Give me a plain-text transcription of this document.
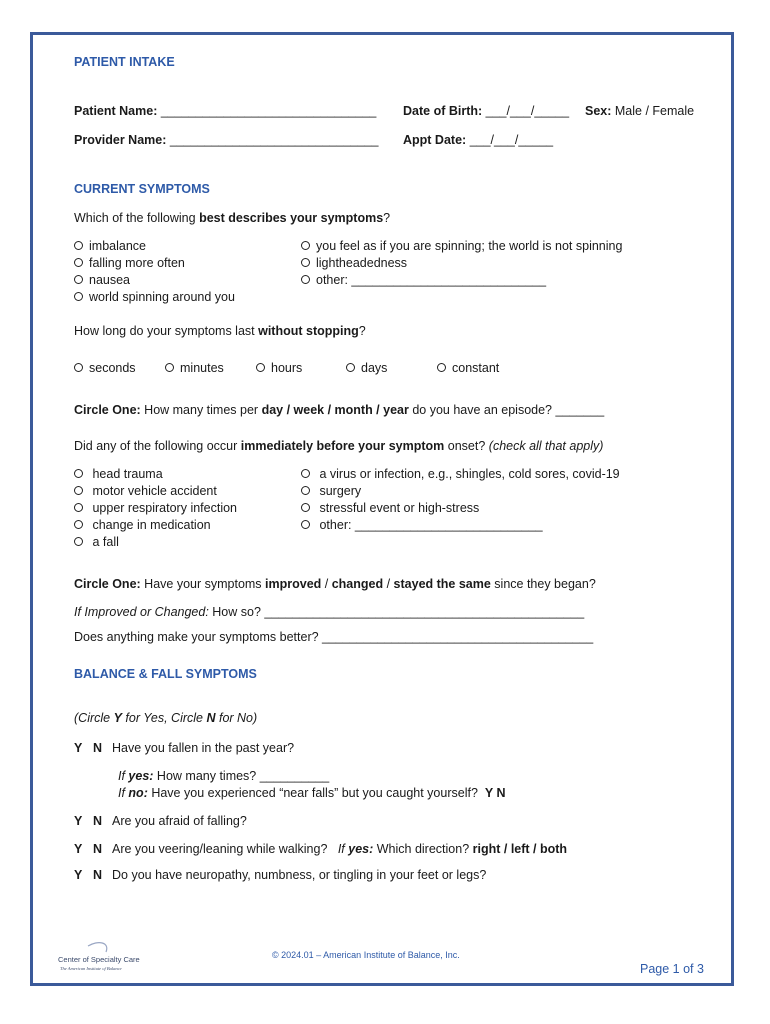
PATIENT INTAKE
Patient Name: _______________________________ Date of Birth: ___/___/_____ Sex: Male / Female
Provider Name: ______________________________ Appt Date: ___/___/_____
CURRENT SYMPTOMS
Which of the following best describes your symptoms?
imbalance
falling more often
nausea
world spinning around you
you feel as if you are spinning; the world is not spinning
lightheadedness
other: ____________________________
How long do your symptoms last without stopping?
seconds	minutes	hours	days	constant
Circle One: How many times per day / week / month / year do you have an episode? _______
Did any of the following occur immediately before your symptom onset? (check all that apply)
head trauma
motor vehicle accident
upper respiratory infection
change in medication
a fall
a virus or infection, e.g., shingles, cold sores, covid-19
surgery
stressful event or high-stress
other: ___________________________
Circle One: Have your symptoms improved / changed / stayed the same since they began?
If Improved or Changed: How so? ______________________________________________
Does anything make your symptoms better? _______________________________________
BALANCE & FALL SYMPTOMS
(Circle Y for Yes, Circle N for No)
Y N Have you fallen in the past year?
If yes: How many times? __________
If no: Have you experienced “near falls” but you caught yourself? Y N
Y N Are you afraid of falling?
Y N Are you veering/leaning while walking? If yes: Which direction? right / left / both
Y N Do you have neuropathy, numbness, or tingling in your feet or legs?
Center of Specialty Care
The American Institute of Balance
© 2024.01 – American Institute of Balance, Inc.
Page 1 of 3
